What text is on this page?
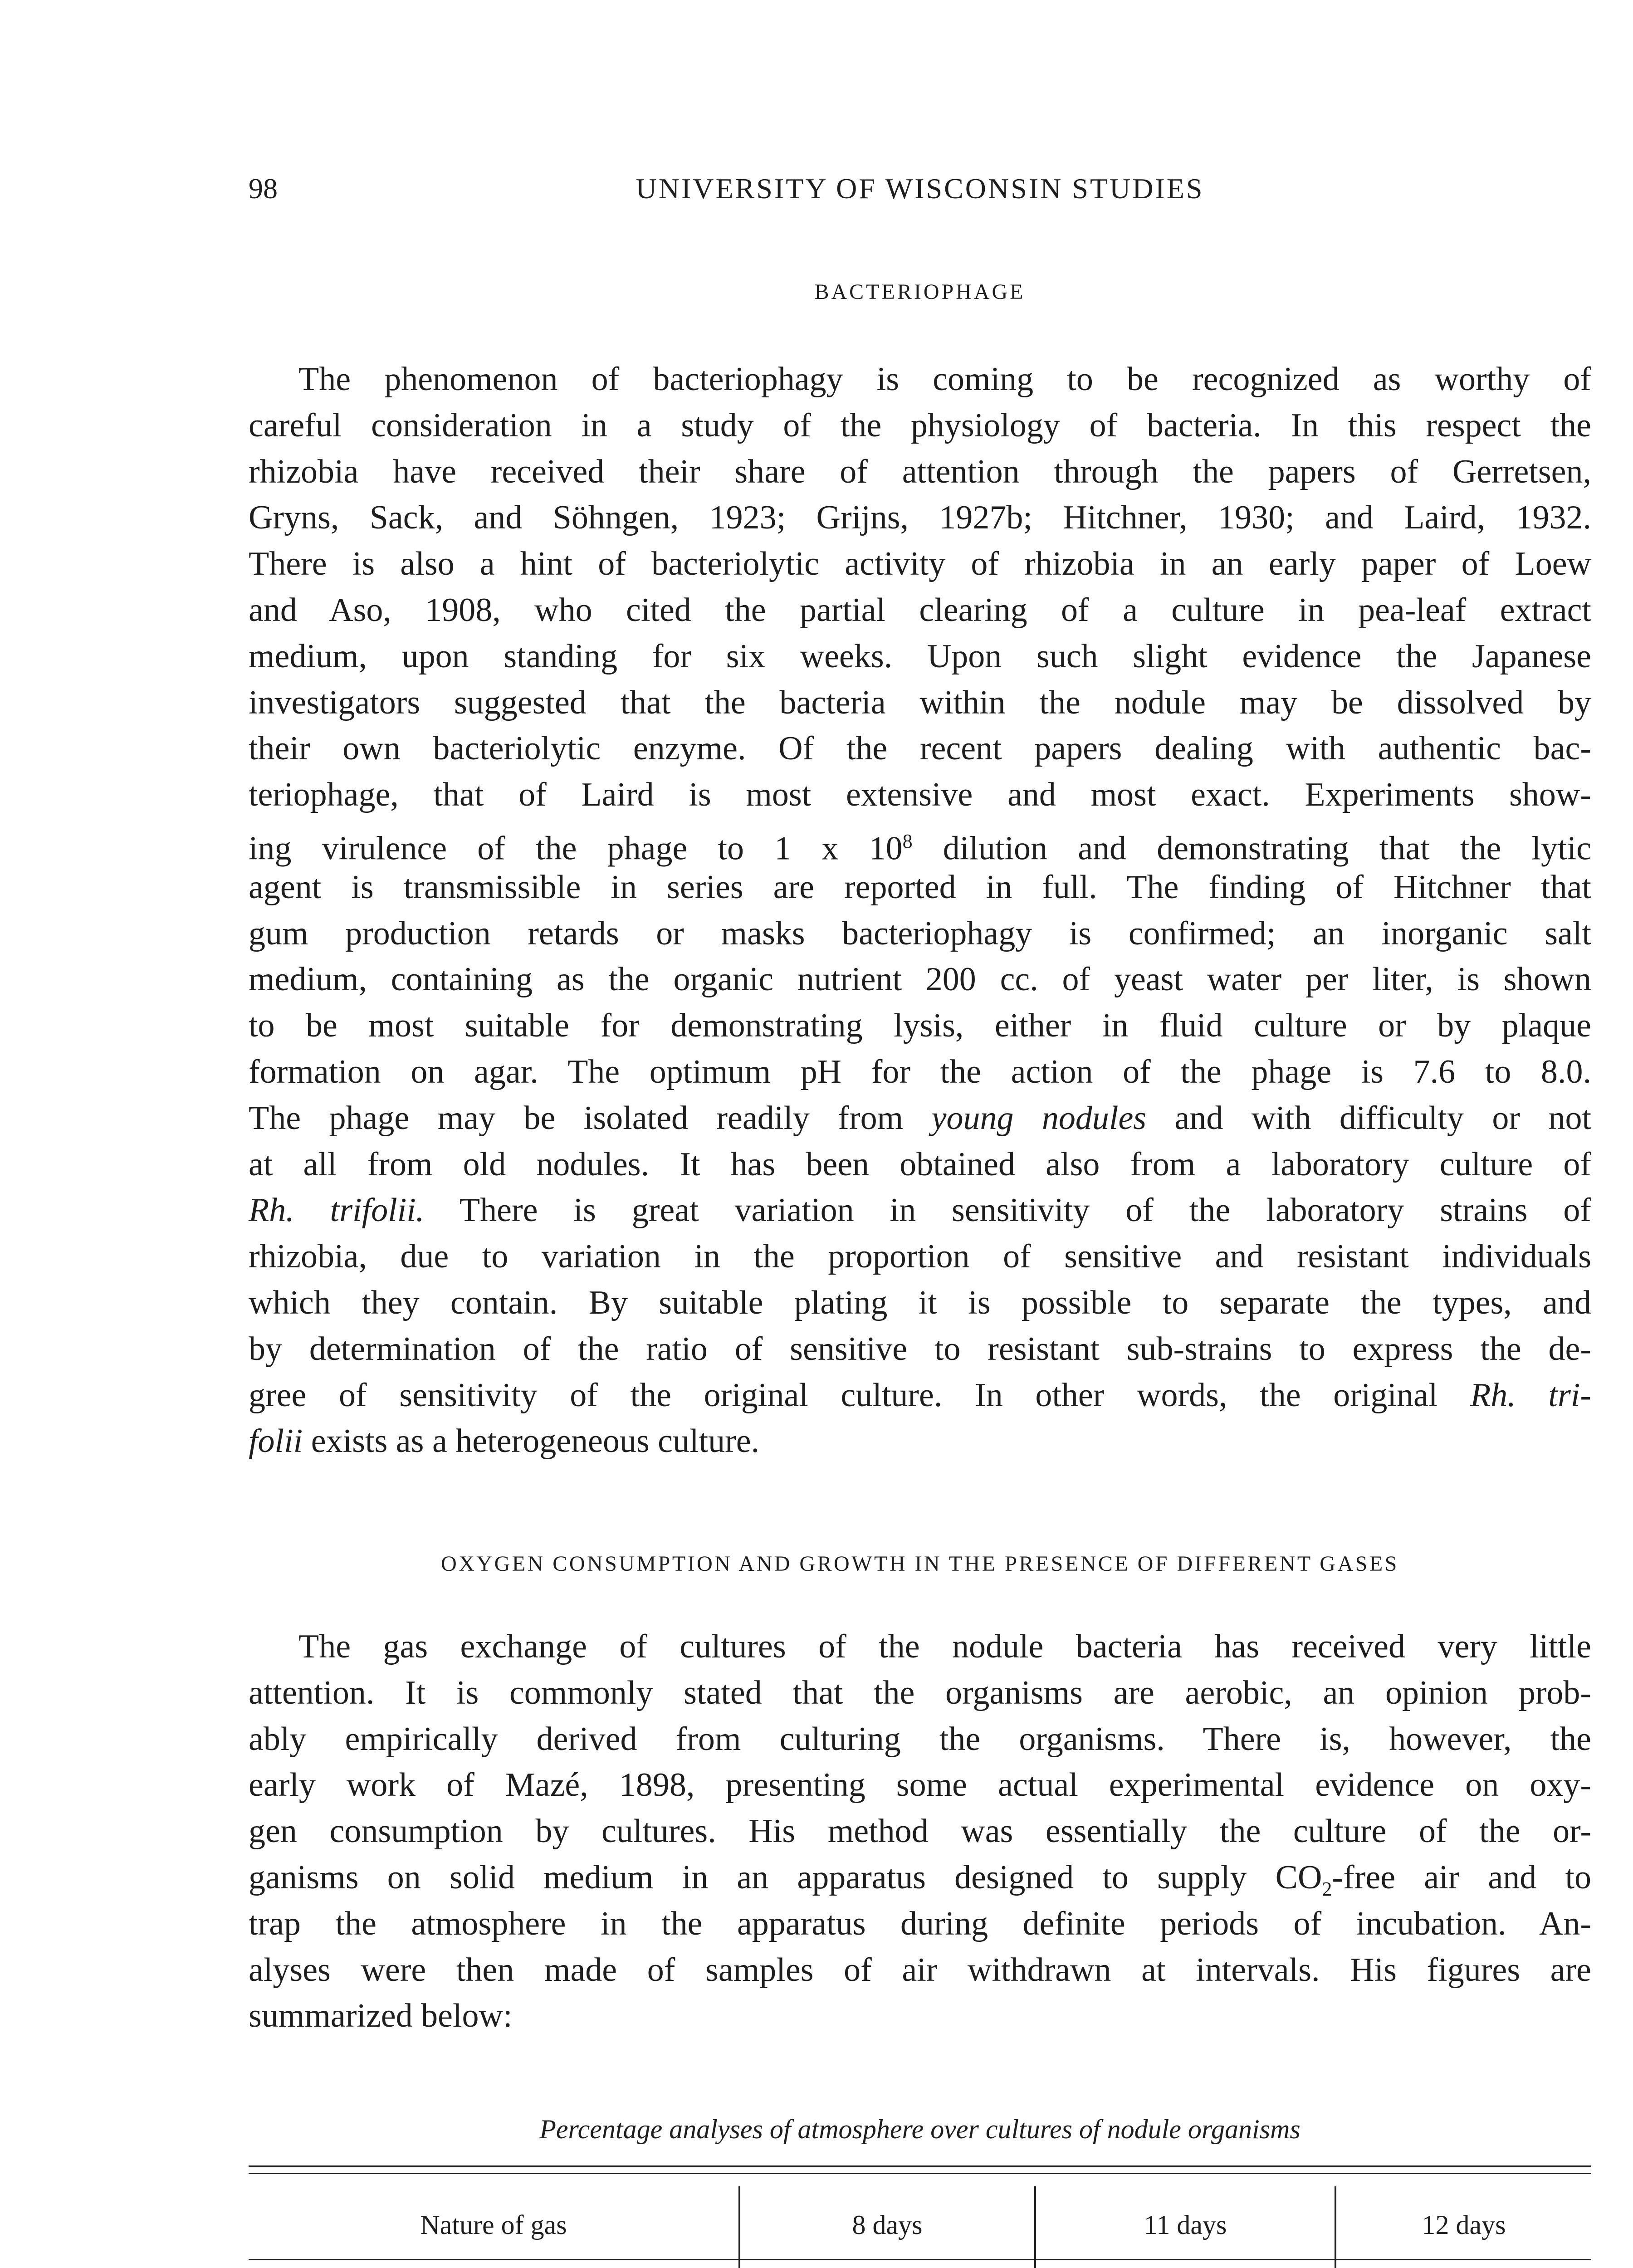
98	UNIVERSITY OF WISCONSIN STUDIES
BACTERIOPHAGE
The phenomenon of bacteriophagy is coming to be recognized as worthy of
careful consideration in a study of the physiology of bacteria. In this respect the
rhizobia have received their share of attention through the papers of Gerretsen,
Gryns, Sack, and Söhngen, 1923; Grijns, 1927b; Hitchner, 1930; and Laird, 1932.
There is also a hint of bacteriolytic activity of rhizobia in an early paper of Loew
and Aso, 1908, who cited the partial clearing of a culture in pea-leaf extract
medium, upon standing for six weeks. Upon such slight evidence the Japanese
investigators suggested that the bacteria within the nodule may be dissolved by
their own bacteriolytic enzyme. Of the recent papers dealing with authentic bac-
teriophage, that of Laird is most extensive and most exact. Experiments show-
ing virulence of the phage to 1 x $10^8$ dilution and demonstrating that the lytic
agent is transmissible in series are reported in full. The finding of Hitchner that
gum production retards or masks bacteriophagy is confirmed; an inorganic salt
medium, containing as the organic nutrient 200 cc. of yeast water per liter, is shown
to be most suitable for demonstrating lysis, either in fluid culture or by plaque
formation on agar. The optimum pH for the action of the phage is 7.6 to 8.0.
The phage may be isolated readily from young nodules and with difficulty or not
at all from old nodules. It has been obtained also from a laboratory culture of
Rh. trifolii. There is great variation in sensitivity of the laboratory strains of
rhizobia, due to variation in the proportion of sensitive and resistant individuals
which they contain. By suitable plating it is possible to separate the types, and
by determination of the ratio of sensitive to resistant sub-strains to express the de-
gree of sensitivity of the original culture. In other words, the original Rh. tri-
folii exists as a heterogeneous culture.
OXYGEN CONSUMPTION AND GROWTH IN THE PRESENCE OF DIFFERENT GASES
The gas exchange of cultures of the nodule bacteria has received very little
attention. It is commonly stated that the organisms are aerobic, an opinion prob-
ably empirically derived from culturing the organisms. There is, however, the
early work of Mazé, 1898, presenting some actual experimental evidence on oxy-
gen consumption by cultures. His method was essentially the culture of the or-
ganisms on solid medium in an apparatus designed to supply $CO_2$-free air and to
trap the atmosphere in the apparatus during definite periods of incubation. An-
alyses were then made of samples of air withdrawn at intervals. His figures are
summarized below:
Percentage analyses of atmosphere over cultures of nodule organisms
Nature of gas	8 days	11 days	12 days
